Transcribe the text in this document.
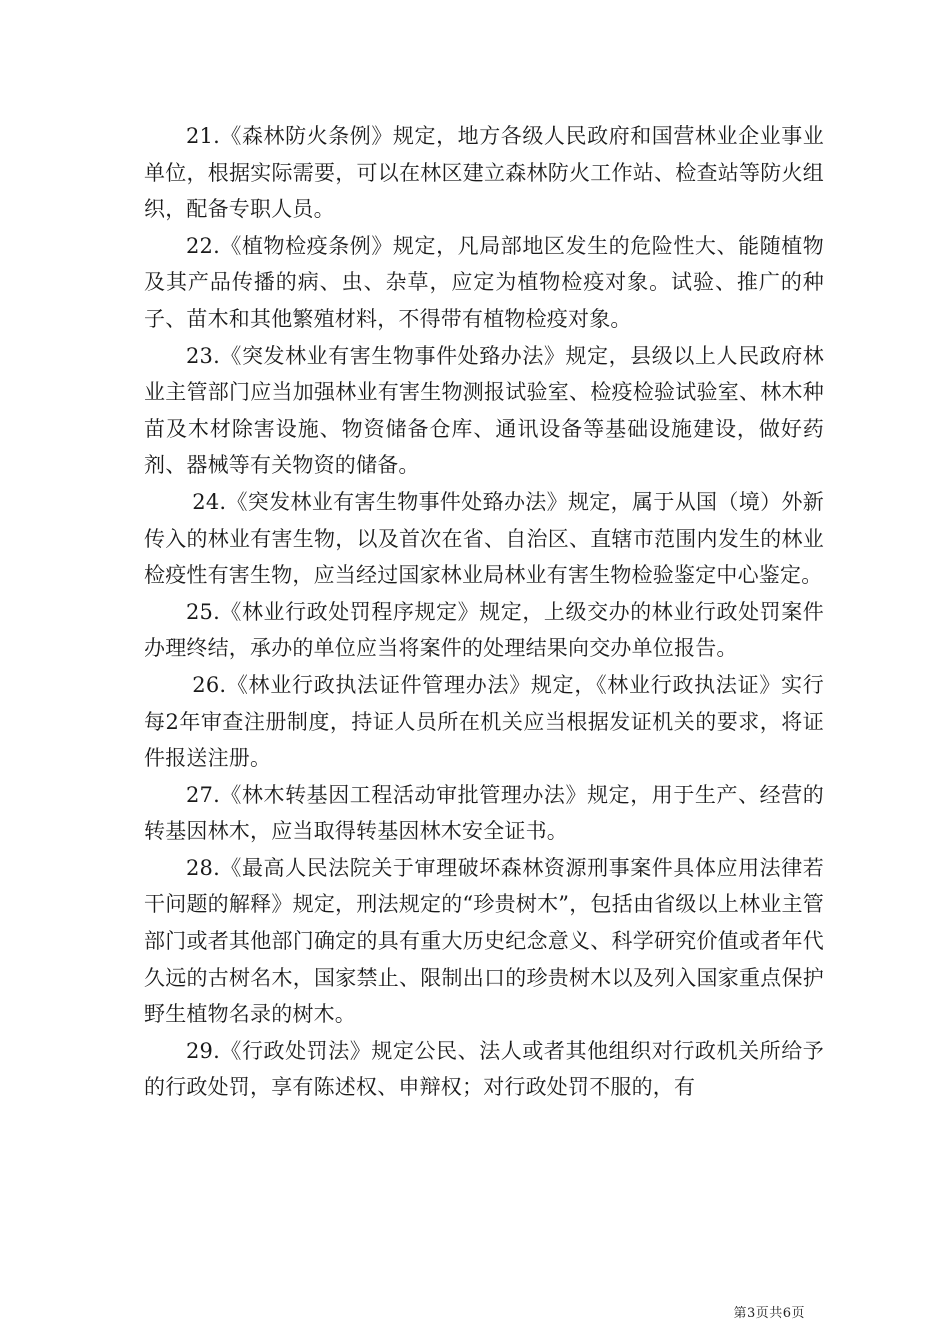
21.《森林防火条例》规定，地方各级人民政府和国营林业企业事业单位，根据实际需要，可以在林区建立森林防火工作站、检查站等防火组织，配备专职人员。

22.《植物检疫条例》规定，凡局部地区发生的危险性大、能随植物及其产品传播的病、虫、杂草，应定为植物检疫对象。试验、推广的种子、苗木和其他繁殖材料，不得带有植物检疫对象。

23.《突发林业有害生物事件处臵办法》规定，县级以上人民政府林业主管部门应当加强林业有害生物测报试验室、检疫检验试验室、林木种苗及木材除害设施、物资储备仓库、通讯设备等基础设施建设，做好药剂、器械等有关物资的储备。

24.《突发林业有害生物事件处臵办法》规定，属于从国（境）外新传入的林业有害生物，以及首次在省、自治区、直辖市范围内发生的林业检疫性有害生物，应当经过国家林业局林业有害生物检验鉴定中心鉴定。

25.《林业行政处罚程序规定》规定，上级交办的林业行政处罚案件办理终结，承办的单位应当将案件的处理结果向交办单位报告。

26.《林业行政执法证件管理办法》规定，《林业行政执法证》实行每2年审查注册制度，持证人员所在机关应当根据发证机关的要求，将证件报送注册。

27.《林木转基因工程活动审批管理办法》规定，用于生产、经营的转基因林木，应当取得转基因林木安全证书。

28.《最高人民法院关于审理破坏森林资源刑事案件具体应用法律若干问题的解释》规定，刑法规定的“珍贵树木”，包括由省级以上林业主管部门或者其他部门确定的具有重大历史纪念意义、科学研究价值或者年代久远的古树名木，国家禁止、限制出口的珍贵树木以及列入国家重点保护野生植物名录的树木。

29.《行政处罚法》规定公民、法人或者其他组织对行政机关所给予的行政处罚，享有陈述权、申辩权；对行政处罚不服的，有

第3页共6页
